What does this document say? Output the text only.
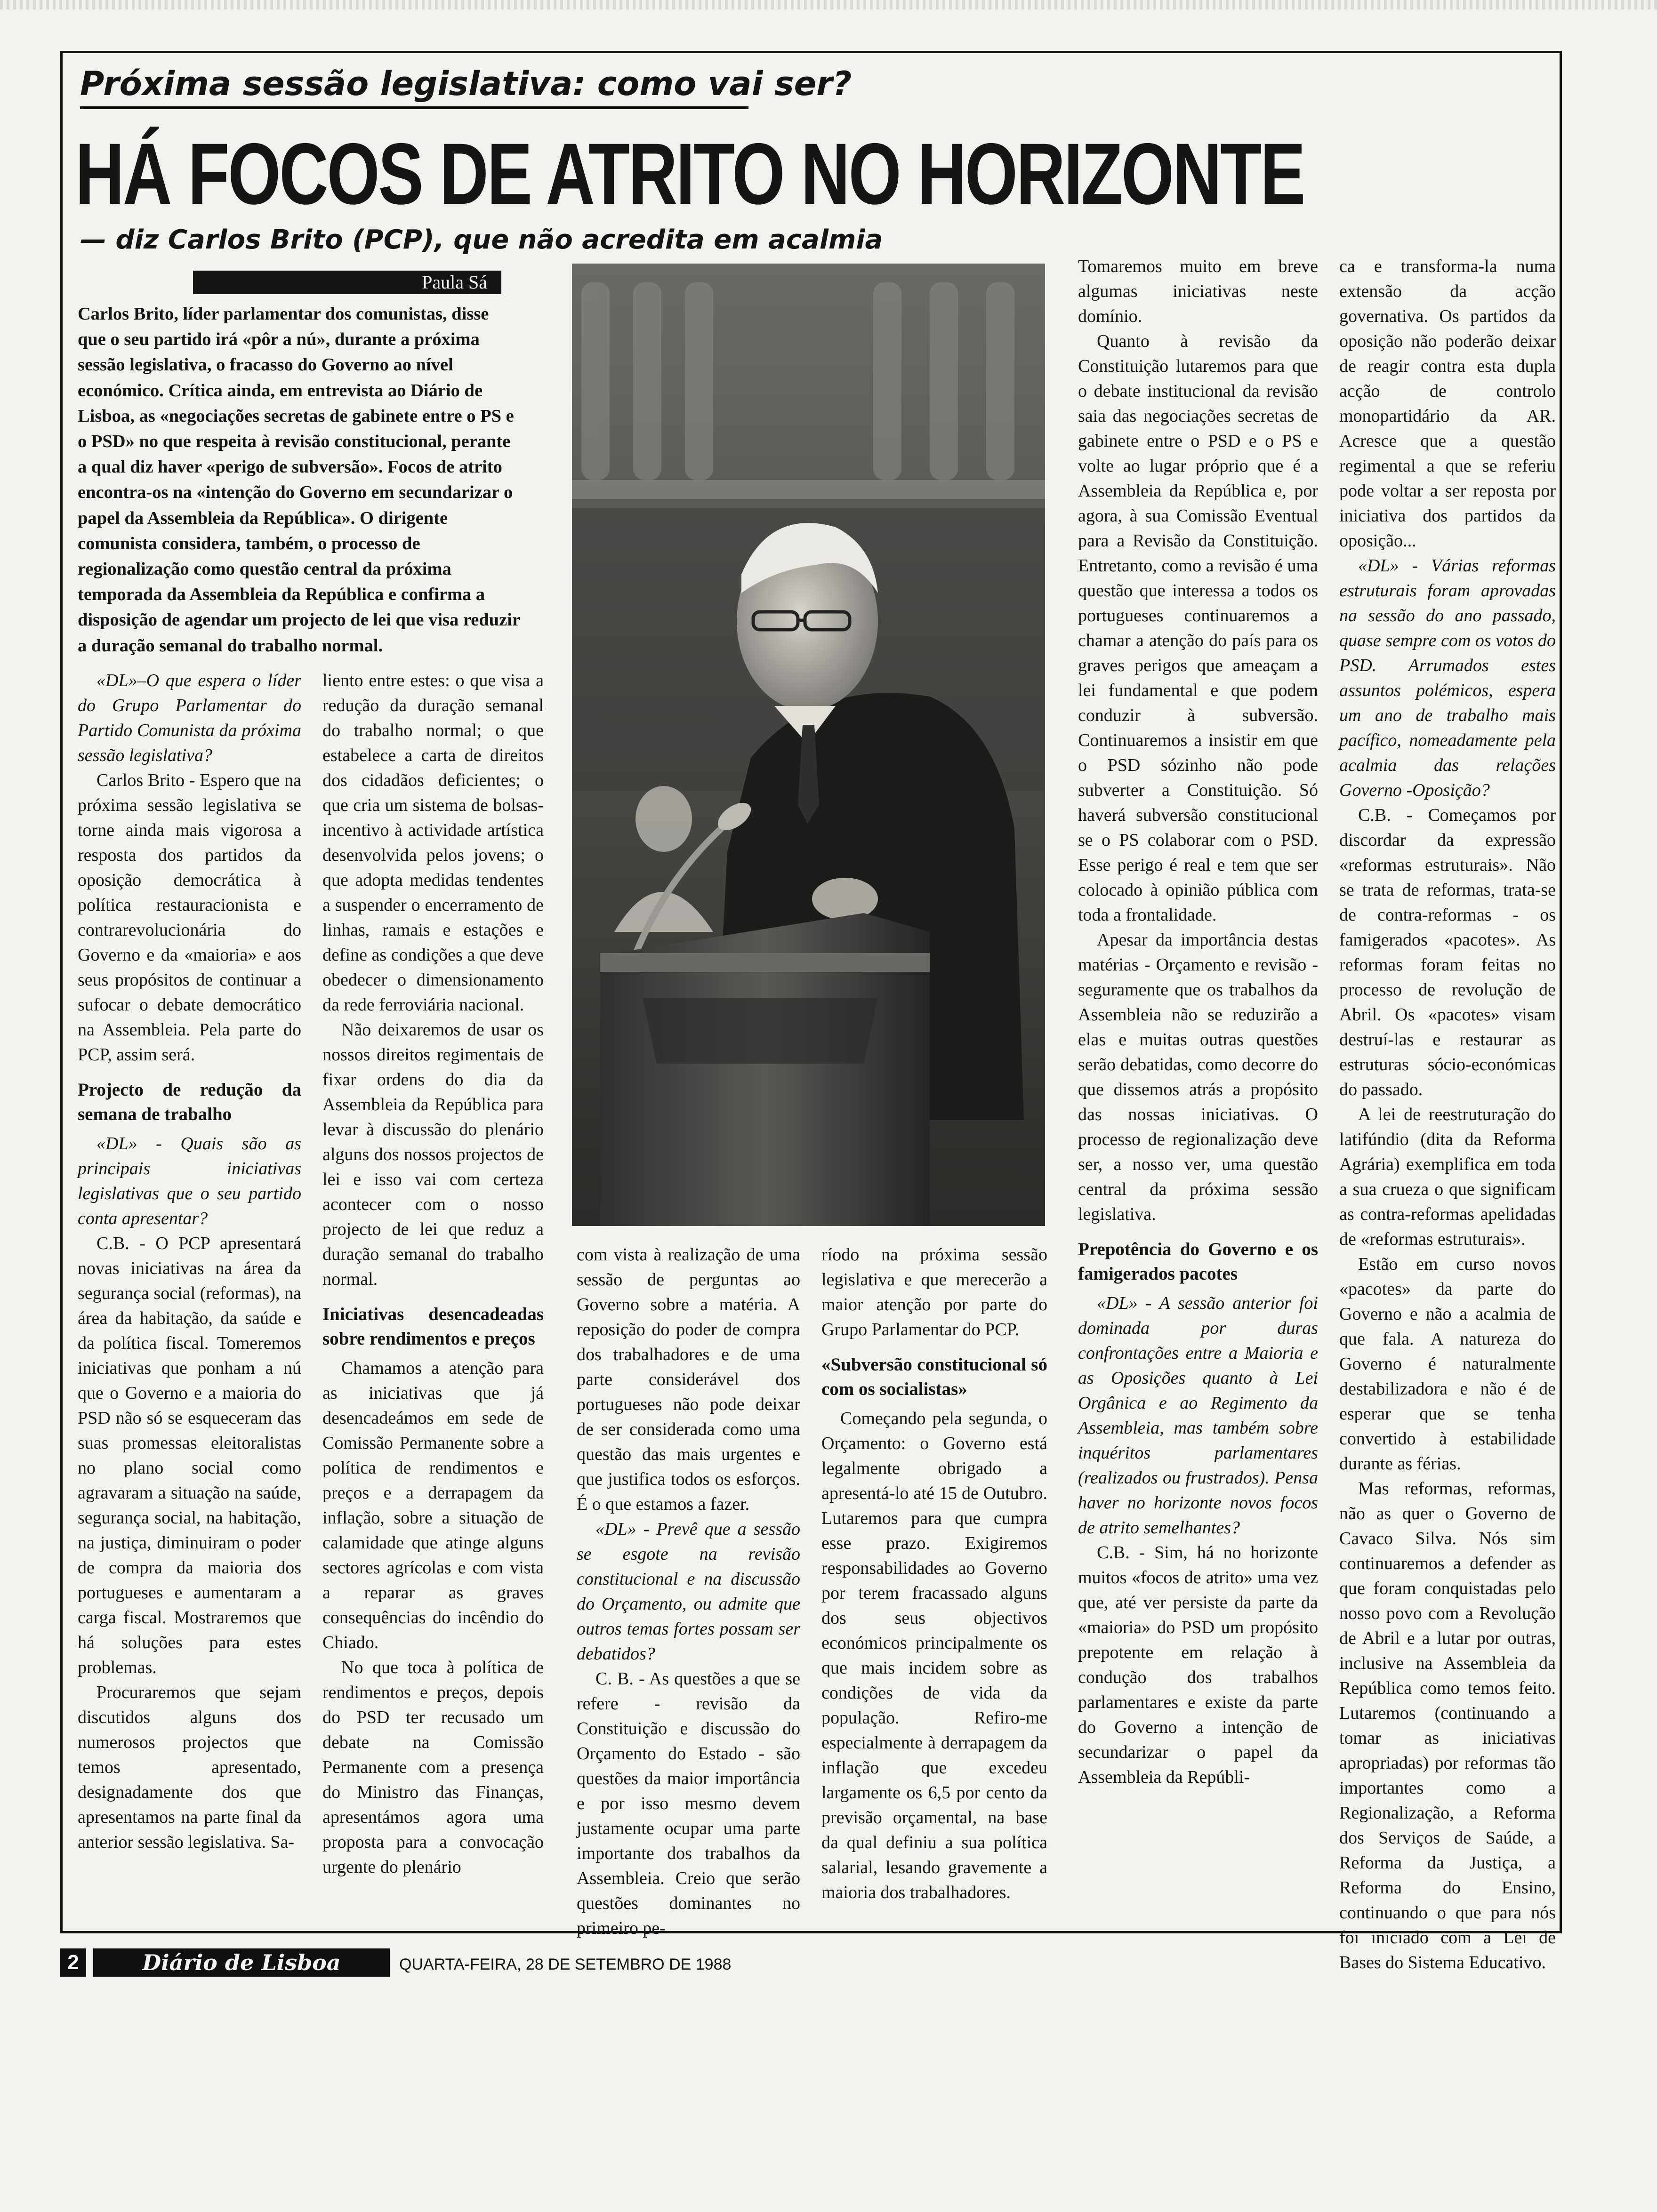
Próxima sessão legislativa: como vai ser?
HÁ FOCOS DE ATRITO NO HORIZONTE
— diz Carlos Brito (PCP), que não acredita em acalmia
Paula Sá
Carlos Brito, líder parlamentar dos comunistas, disse que o seu partido irá «pôr a nú», durante a próxima sessão legislativa, o fracasso do Governo ao nível económico. Crítica ainda, em entrevista ao Diário de Lisboa, as «negociações secretas de gabinete entre o PS e o PSD» no que respeita à revisão constitucional, perante a qual diz haver «perigo de subversão». Focos de atrito encontra-os na «intenção do Governo em secundarizar o papel da Assembleia da República». O dirigente comunista considera, também, o processo de regionalização como questão central da próxima temporada da Assembleia da República e confirma a disposição de agendar um projecto de lei que visa reduzir a duração semanal do trabalho normal.

«DL»–O que espera o líder do Grupo Parlamentar do Partido Comunista da próxima sessão legislativa?

Carlos Brito - Espero que na próxima sessão legislativa se torne ainda mais vigorosa a resposta dos partidos da oposição democrática à política restauracionista e contrarevolucionária do Governo e da «maioria» e aos seus propósitos de continuar a sufocar o debate democrático na Assembleia. Pela parte do PCP, assim será.

Projecto de redução da semana de trabalho

«DL» - Quais são as principais iniciativas legislativas que o seu partido conta apresentar?

C.B. - O PCP apresentará novas iniciativas na área da segurança social (reformas), na área da habitação, da saúde e da política fiscal. Tomeremos iniciativas que ponham a nú que o Governo e a maioria do PSD não só se esqueceram das suas promessas eleitoralistas no plano social como agravaram a situação na saúde, segurança social, na habitação, na justiça, diminuiram o poder de compra da maioria dos portugueses e aumentaram a carga fiscal. Mostraremos que há soluções para estes problemas.

Procuraremos que sejam discutidos alguns dos numerosos projectos que temos apresentado, designadamente dos que apresentamos na parte final da anterior sessão legislativa. Sa-

liento entre estes: o que visa a redução da duração semanal do trabalho normal; o que estabelece a carta de direitos dos cidadãos deficientes; o que cria um sistema de bolsas-incentivo à actividade artística desenvolvida pelos jovens; o que adopta medidas tendentes a suspender o encerramento de linhas, ramais e estações e define as condições a que deve obedecer o dimensionamento da rede ferroviária nacional.

Não deixaremos de usar os nossos direitos regimentais de fixar ordens do dia da Assembleia da República para levar à discussão do plenário alguns dos nossos projectos de lei e isso vai com certeza acontecer com o nosso projecto de lei que reduz a duração semanal do trabalho normal.

Iniciativas desencadeadas sobre rendimentos e preços

Chamamos a atenção para as iniciativas que já desencadeámos em sede de Comissão Permanente sobre a política de rendimentos e preços e a derrapagem da inflação, sobre a situação de calamidade que atinge alguns sectores agrícolas e com vista a reparar as graves consequências do incêndio do Chiado.

No que toca à política de rendimentos e preços, depois do PSD ter recusado um debate na Comissão Permanente com a presença do Ministro das Finanças, apresentámos agora uma proposta para a convocação urgente do plenário

com vista à realização de uma sessão de perguntas ao Governo sobre a matéria. A reposição do poder de compra dos trabalhadores e de uma parte considerável dos portugueses não pode deixar de ser considerada como uma questão das mais urgentes e que justifica todos os esforços. É o que estamos a fazer.

«DL» - Prevê que a sessão se esgote na revisão constitucional e na discussão do Orçamento, ou admite que outros temas fortes possam ser debatidos?

C. B. - As questões a que se refere - revisão da Constituição e discussão do Orçamento do Estado - são questões da maior importância e por isso mesmo devem justamente ocupar uma parte importante dos trabalhos da Assembleia. Creio que serão questões dominantes no primeiro pe-

ríodo na próxima sessão legislativa e que merecerão a maior atenção por parte do Grupo Parlamentar do PCP.

«Subversão constitucional só com os socialistas»

Começando pela segunda, o Orçamento: o Governo está legalmente obrigado a apresentá-lo até 15 de Outubro. Lutaremos para que cumpra esse prazo. Exigiremos responsabilidades ao Governo por terem fracassado alguns dos seus objectivos económicos principalmente os que mais incidem sobre as condições de vida da população. Refiro-me especialmente à derrapagem da inflação que excedeu largamente os 6,5 por cento da previsão orçamental, na base da qual definiu a sua política salarial, lesando gravemente a maioria dos trabalhadores.

Tomaremos muito em breve algumas iniciativas neste domínio.

Quanto à revisão da Constituição lutaremos para que o debate institucional da revisão saia das negociações secretas de gabinete entre o PSD e o PS e volte ao lugar próprio que é a Assembleia da República e, por agora, à sua Comissão Eventual para a Revisão da Constituição. Entretanto, como a revisão é uma questão que interessa a todos os portugueses continuaremos a chamar a atenção do país para os graves perigos que ameaçam a lei fundamental e que podem conduzir à subversão. Continuaremos a insistir em que o PSD sózinho não pode subverter a Constituição. Só haverá subversão constitucional se o PS colaborar com o PSD. Esse perigo é real e tem que ser colocado à opinião pública com toda a frontalidade.

Apesar da importância destas matérias - Orçamento e revisão - seguramente que os trabalhos da Assembleia não se reduzirão a elas e muitas outras questões serão debatidas, como decorre do que dissemos atrás a propósito das nossas iniciativas. O processo de regionalização deve ser, a nosso ver, uma questão central da próxima sessão legislativa.

Prepotência do Governo e os famigerados pacotes

«DL» - A sessão anterior foi dominada por duras confrontações entre a Maioria e as Oposições quanto à Lei Orgânica e ao Regimento da Assembleia, mas também sobre inquéritos parlamentares (realizados ou frustrados). Pensa haver no horizonte novos focos de atrito semelhantes?

C.B. - Sim, há no horizonte muitos «focos de atrito» uma vez que, até ver persiste da parte da «maioria» do PSD um propósito prepotente em relação à condução dos trabalhos parlamentares e existe da parte do Governo a intenção de secundarizar o papel da Assembleia da Repúbli-

ca e transforma-la numa extensão da acção governativa. Os partidos da oposição não poderão deixar de reagir contra esta dupla acção de controlo monopartidário da AR. Acresce que a questão regimental a que se referiu pode voltar a ser reposta por iniciativa dos partidos da oposição...

«DL» - Várias reformas estruturais foram aprovadas na sessão do ano passado, quase sempre com os votos do PSD. Arrumados estes assuntos polémicos, espera um ano de trabalho mais pacífico, nomeadamente pela acalmia das relações Governo -Oposição?

C.B. - Começamos por discordar da expressão «reformas estruturais». Não se trata de reformas, trata-se de contra-reformas - os famigerados «pacotes». As reformas foram feitas no processo de revolução de Abril. Os «pacotes» visam destruí-las e restaurar as estruturas sócio-económicas do passado.

A lei de reestruturação do latifúndio (dita da Reforma Agrária) exemplifica em toda a sua crueza o que significam as contra-reformas apelidadas de «reformas estruturais».

Estão em curso novos «pacotes» da parte do Governo e não a acalmia de que fala. A natureza do Governo é naturalmente destabilizadora e não é de esperar que se tenha convertido à estabilidade durante as férias.

Mas reformas, reformas, não as quer o Governo de Cavaco Silva. Nós sim continuaremos a defender as que foram conquistadas pelo nosso povo com a Revolução de Abril e a lutar por outras, inclusive na Assembleia da República como temos feito. Lutaremos (continuando a tomar as iniciativas apropriadas) por reformas tão importantes como a Regionalização, a Reforma dos Serviços de Saúde, a Reforma da Justiça, a Reforma do Ensino, continuando o que para nós foi iniciado com a Lei de Bases do Sistema Educativo.

2	Diário de Lisboa	QUARTA-FEIRA, 28 DE SETEMBRO DE 1988
